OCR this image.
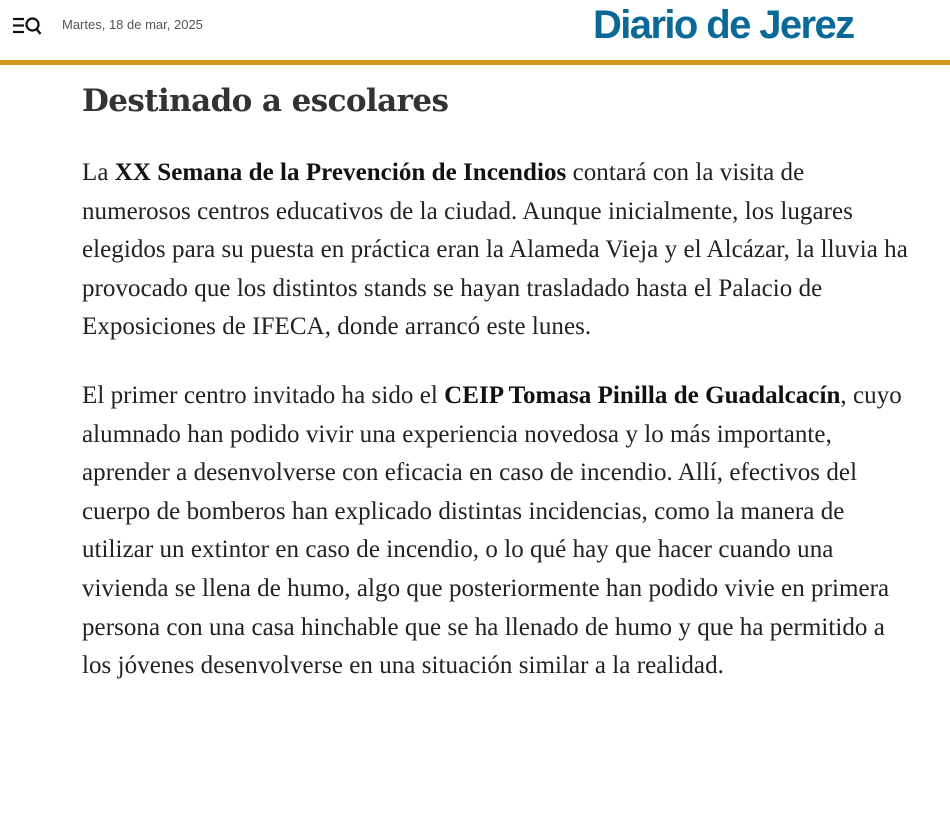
Martes, 18 de mar, 2025	Diario de Jerez
Destinado a escolares

La XX Semana de la Prevención de Incendios contará con la visita de numerosos centros educativos de la ciudad. Aunque inicialmente, los lugares elegidos para su puesta en práctica eran la Alameda Vieja y el Alcázar, la lluvia ha provocado que los distintos stands se hayan trasladado hasta el Palacio de Exposiciones de IFECA, donde arrancó este lunes.

El primer centro invitado ha sido el CEIP Tomasa Pinilla de Guadalcacín, cuyo alumnado han podido vivir una experiencia novedosa y lo más importante, aprender a desenvolverse con eficacia en caso de incendio. Allí, efectivos del cuerpo de bomberos han explicado distintas incidencias, como la manera de utilizar un extintor en caso de incendio, o lo qué hay que hacer cuando una vivienda se llena de humo, algo que posteriormente han podido vivie en primera persona con una casa hinchable que se ha llenado de humo y que ha permitido a los jóvenes desenvolverse en una situación similar a la realidad.
